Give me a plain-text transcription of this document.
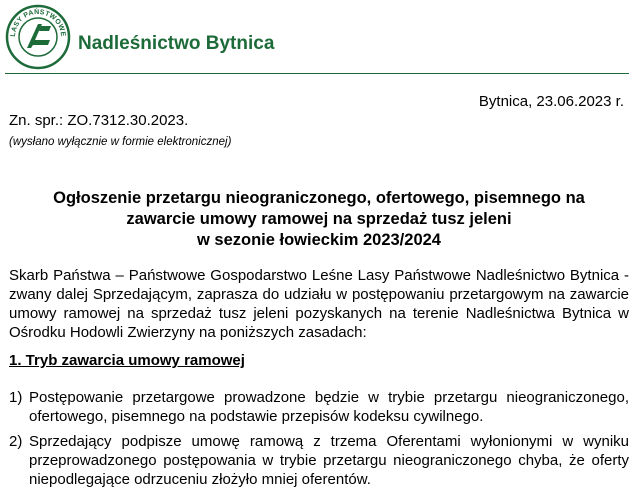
LASY PAŃSTWOWE Nadleśnictwo Bytnica
Bytnica, 23.06.2023 r.
Zn. spr.: ZO.7312.30.2023.
(wysłano wyłącznie w formie elektronicznej)
Ogłoszenie przetargu nieograniczonego, ofertowego, pisemnego na
zawarcie umowy ramowej na sprzedaż tusz jeleni
w sezonie łowieckim 2023/2024
Skarb Państwa – Państwowe Gospodarstwo Leśne Lasy Państwowe Nadleśnictwo Bytnica -
zwany dalej Sprzedającym, zaprasza do udziału w postępowaniu przetargowym na zawarcie
umowy ramowej na sprzedaż tusz jeleni pozyskanych na terenie Nadleśnictwa Bytnica w
Ośrodku Hodowli Zwierzyny na poniższych zasadach:
1. Tryb zawarcia umowy ramowej
1) Postępowanie przetargowe prowadzone będzie w trybie przetargu nieograniczonego,
ofertowego, pisemnego na podstawie przepisów kodeksu cywilnego.
2) Sprzedający podpisze umowę ramową z trzema Oferentami wyłonionymi w wyniku
przeprowadzonego postępowania w trybie przetargu nieograniczonego chyba, że oferty
niepodlegające odrzuceniu złożyło mniej oferentów.
